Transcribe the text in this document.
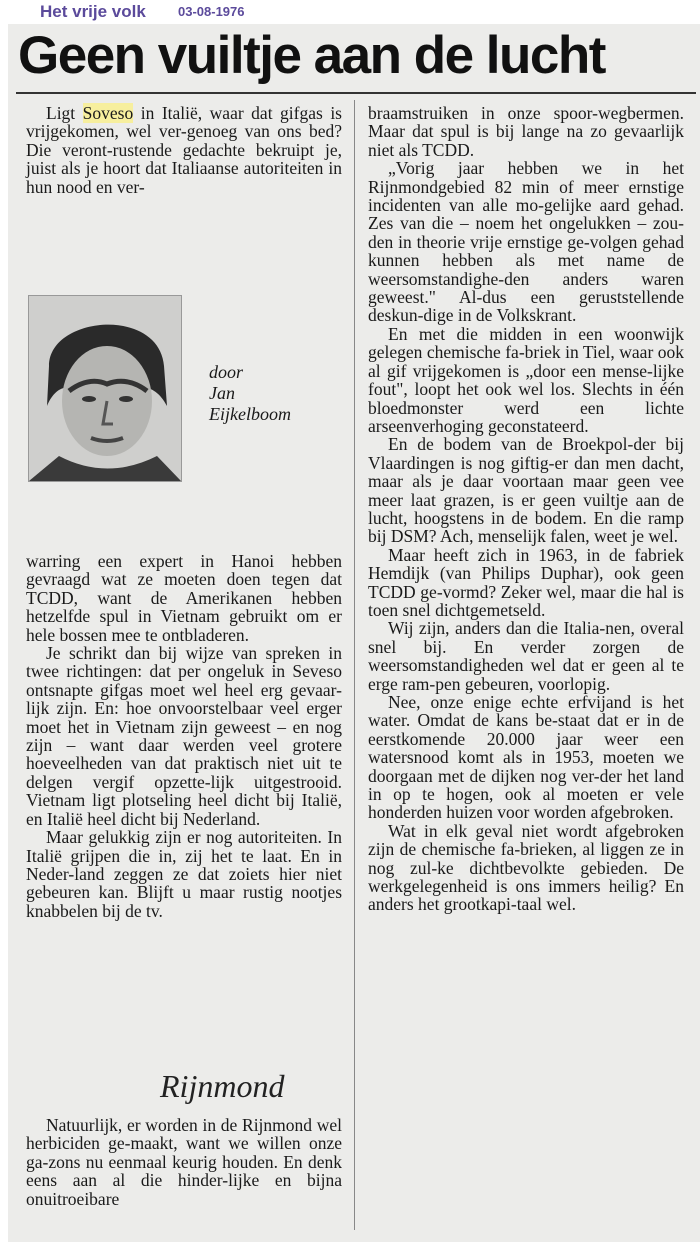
Het vrije volk 03-08-1976
Geen vuiltje aan de lucht

Ligt Soveso in Italië, waar dat gifgas is vrijgekomen, wel ver-genoeg van ons bed? Die veront-rustende gedachte bekruipt je, juist als je hoort dat Italiaanse autoriteiten in hun nood en ver-

door
Jan
Eijkelboom

warring een expert in Hanoi hebben gevraagd wat ze moeten doen tegen dat TCDD, want de Amerikanen hebben hetzelfde spul in Vietnam gebruikt om er hele bossen mee te ontbladeren.

Je schrikt dan bij wijze van spreken in twee richtingen: dat per ongeluk in Seveso ontsnapte gifgas moet wel heel erg gevaar-lijk zijn. En: hoe onvoorstelbaar veel erger moet het in Vietnam zijn geweest – en nog zijn – want daar werden veel grotere hoeveelheden van dat praktisch niet uit te delgen vergif opzette-lijk uitgestrooid. Vietnam ligt plotseling heel dicht bij Italië, en Italië heel dicht bij Nederland.

Maar gelukkig zijn er nog autoriteiten. In Italië grijpen die in, zij het te laat. En in Neder-land zeggen ze dat zoiets hier niet gebeuren kan. Blijft u maar rustig nootjes knabbelen bij de tv.

Rijnmond

Natuurlijk, er worden in de Rijnmond wel herbiciden ge-maakt, want we willen onze ga-zons nu eenmaal keurig houden. En denk eens aan al die hinder-lijke en bijna onuitroeibare

braamstruiken in onze spoor-wegbermen. Maar dat spul is bij lange na zo gevaarlijk niet als TCDD.

„Vorig jaar hebben we in het Rijnmondgebied 82 min of meer ernstige incidenten van alle mo-gelijke aard gehad. Zes van die – noem het ongelukken – zou-den in theorie vrije ernstige ge-volgen gehad kunnen hebben als met name de weersomstandighe-den anders waren geweest." Al-dus een geruststellende deskun-dige in de Volkskrant.

En met die midden in een woonwijk gelegen chemische fa-briek in Tiel, waar ook al gif vrijgekomen is „door een mense-lijke fout", loopt het ook wel los. Slechts in één bloedmonster werd een lichte arseenverhoging geconstateerd.

En de bodem van de Broekpol-der bij Vlaardingen is nog giftig-er dan men dacht, maar als je daar voortaan maar geen vee meer laat grazen, is er geen vuiltje aan de lucht, hoogstens in de bodem. En die ramp bij DSM? Ach, menselijk falen, weet je wel.

Maar heeft zich in 1963, in de fabriek Hemdijk (van Philips Duphar), ook geen TCDD ge-vormd? Zeker wel, maar die hal is toen snel dichtgemetseld.

Wij zijn, anders dan die Italia-nen, overal snel bij. En verder zorgen de weersomstandigheden wel dat er geen al te erge ram-pen gebeuren, voorlopig.

Nee, onze enige echte erfvijand is het water. Omdat de kans be-staat dat er in de eerstkomende 20.000 jaar weer een watersnood komt als in 1953, moeten we doorgaan met de dijken nog ver-der het land in op te hogen, ook al moeten er vele honderden huizen voor worden afgebroken.

Wat in elk geval niet wordt afgebroken zijn de chemische fa-brieken, al liggen ze in nog zul-ke dichtbevolkte gebieden. De werkgelegenheid is ons immers heilig? En anders het grootkapi-taal wel.
